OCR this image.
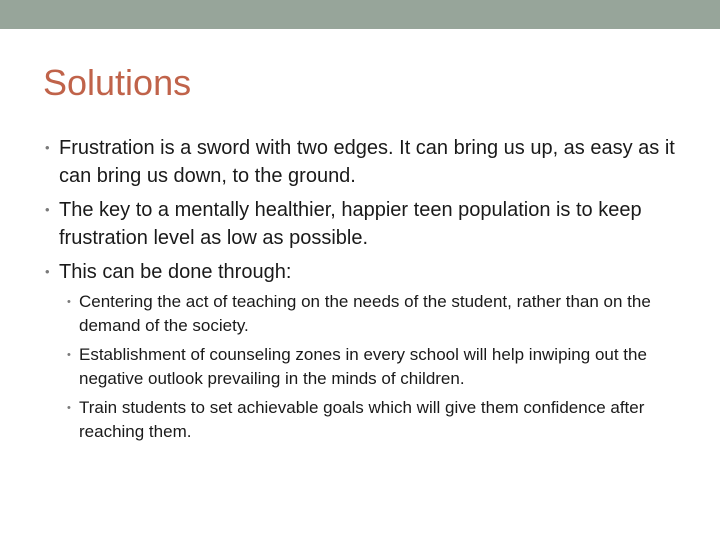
Solutions
• Frustration is a sword with two edges. It can bring us up, as easy as it can bring us down, to the ground.
• The key to a mentally healthier, happier teen population is to keep frustration level as low as possible.
• This can be done through:
• Centering the act of teaching on the needs of the student, rather than on the demand of the society.
• Establishment of counseling zones in every school will help inwiping out the negative outlook prevailing in the minds of children.
• Train students to set achievable goals which will give them confidence after reaching them.
